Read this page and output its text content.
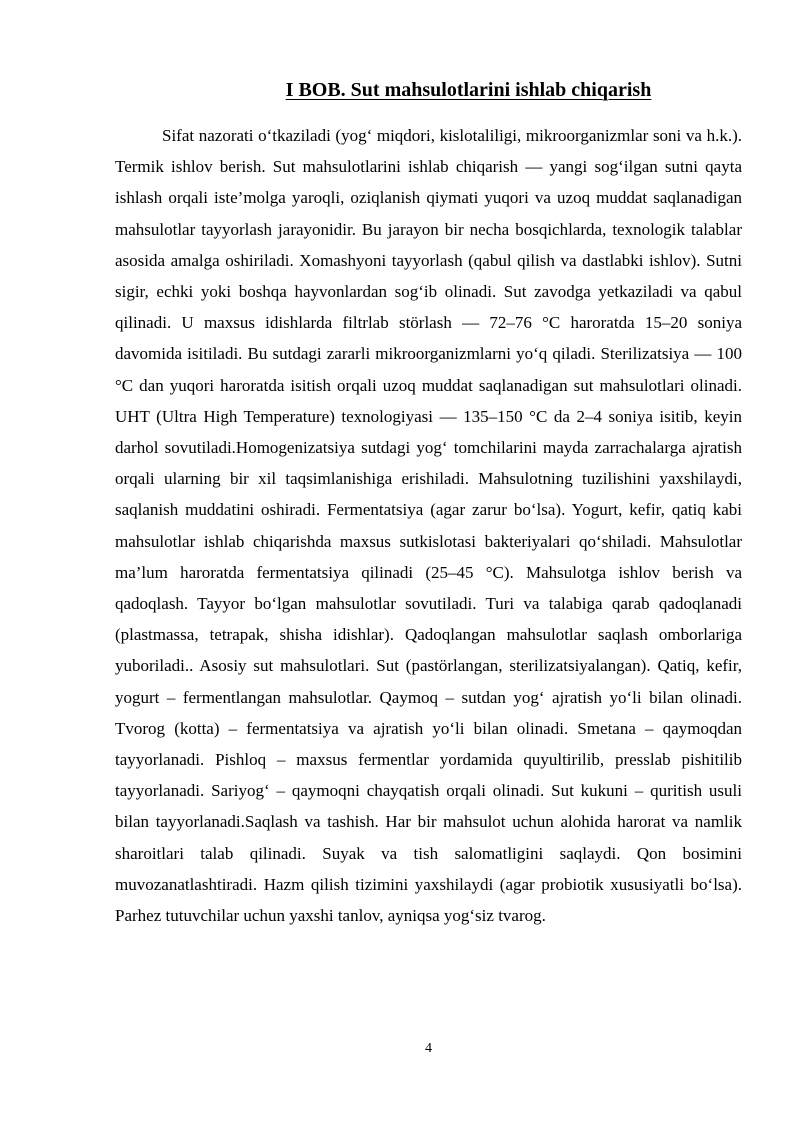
I BOB. Sut mahsulotlarini ishlab chiqarish

Sifat nazorati o‘tkaziladi (yog‘ miqdori, kislotaliligi, mikroorganizmlar soni va h.k.). Termik ishlov berish. Sut mahsulotlarini ishlab chiqarish — yangi sog‘ilgan sutni qayta ishlash orqali iste’molga yaroqli, oziqlanish qiymati yuqori va uzoq muddat saqlanadigan mahsulotlar tayyorlash jarayonidir. Bu jarayon bir necha bosqichlarda, texnologik talablar asosida amalga oshiriladi. Xomashyoni tayyorlash (qabul qilish va dastlabki ishlov). Sutni sigir, echki yoki boshqa hayvonlardan sog‘ib olinadi. Sut zavodga yetkaziladi va qabul qilinadi. U maxsus idishlarda filtrlab störlash — 72–76 °C haroratda 15–20 soniya davomida isitiladi. Bu sutdagi zararli mikroorganizmlarni yo‘q qiladi. Sterilizatsiya — 100 °C dan yuqori haroratda isitish orqali uzoq muddat saqlanadigan sut mahsulotlari olinadi. UHT (Ultra High Temperature) texnologiyasi — 135–150 °C da 2–4 soniya isitib, keyin darhol sovutiladi.Homogenizatsiya sutdagi yog‘ tomchilarini mayda zarrachalarga ajratish orqali ularning bir xil taqsimlanishiga erishiladi. Mahsulotning tuzilishini yaxshilaydi, saqlanish muddatini oshiradi. Fermentatsiya (agar zarur bo‘lsa). Yogurt, kefir, qatiq kabi mahsulotlar ishlab chiqarishda maxsus sutkislotasi bakteriyalari qo‘shiladi. Mahsulotlar ma’lum haroratda fermentatsiya qilinadi (25–45 °C). Mahsulotga ishlov berish va qadoqlash. Tayyor bo‘lgan mahsulotlar sovutiladi. Turi va talabiga qarab qadoqlanadi (plastmassa, tetrapak, shisha idishlar). Qadoqlangan mahsulotlar saqlash omborlariga yuboriladi.. Asosiy sut mahsulotlari. Sut (pastörlangan, sterilizatsiyalangan). Qatiq, kefir, yogurt – fermentlangan mahsulotlar. Qaymoq – sutdan yog‘ ajratish yo‘li bilan olinadi. Tvorog (kotta) – fermentatsiya va ajratish yo‘li bilan olinadi. Smetana – qaymoqdan tayyorlanadi. Pishloq – maxsus fermentlar yordamida quyultirilib, presslab pishitilib tayyorlanadi. Sariyog‘ – qaymoqni chayqatish orqali olinadi. Sut kukuni – quritish usuli bilan tayyorlanadi.Saqlash va tashish. Har bir mahsulot uchun alohida harorat va namlik sharoitlari talab qilinadi. Suyak va tish salomatligini saqlaydi. Qon bosimini muvozanatlashtiradi. Hazm qilish tizimini yaxshilaydi (agar probiotik xususiyatli bo‘lsa). Parhez tutuvchilar uchun yaxshi tanlov, ayniqsa yog‘siz tvarog.

4
